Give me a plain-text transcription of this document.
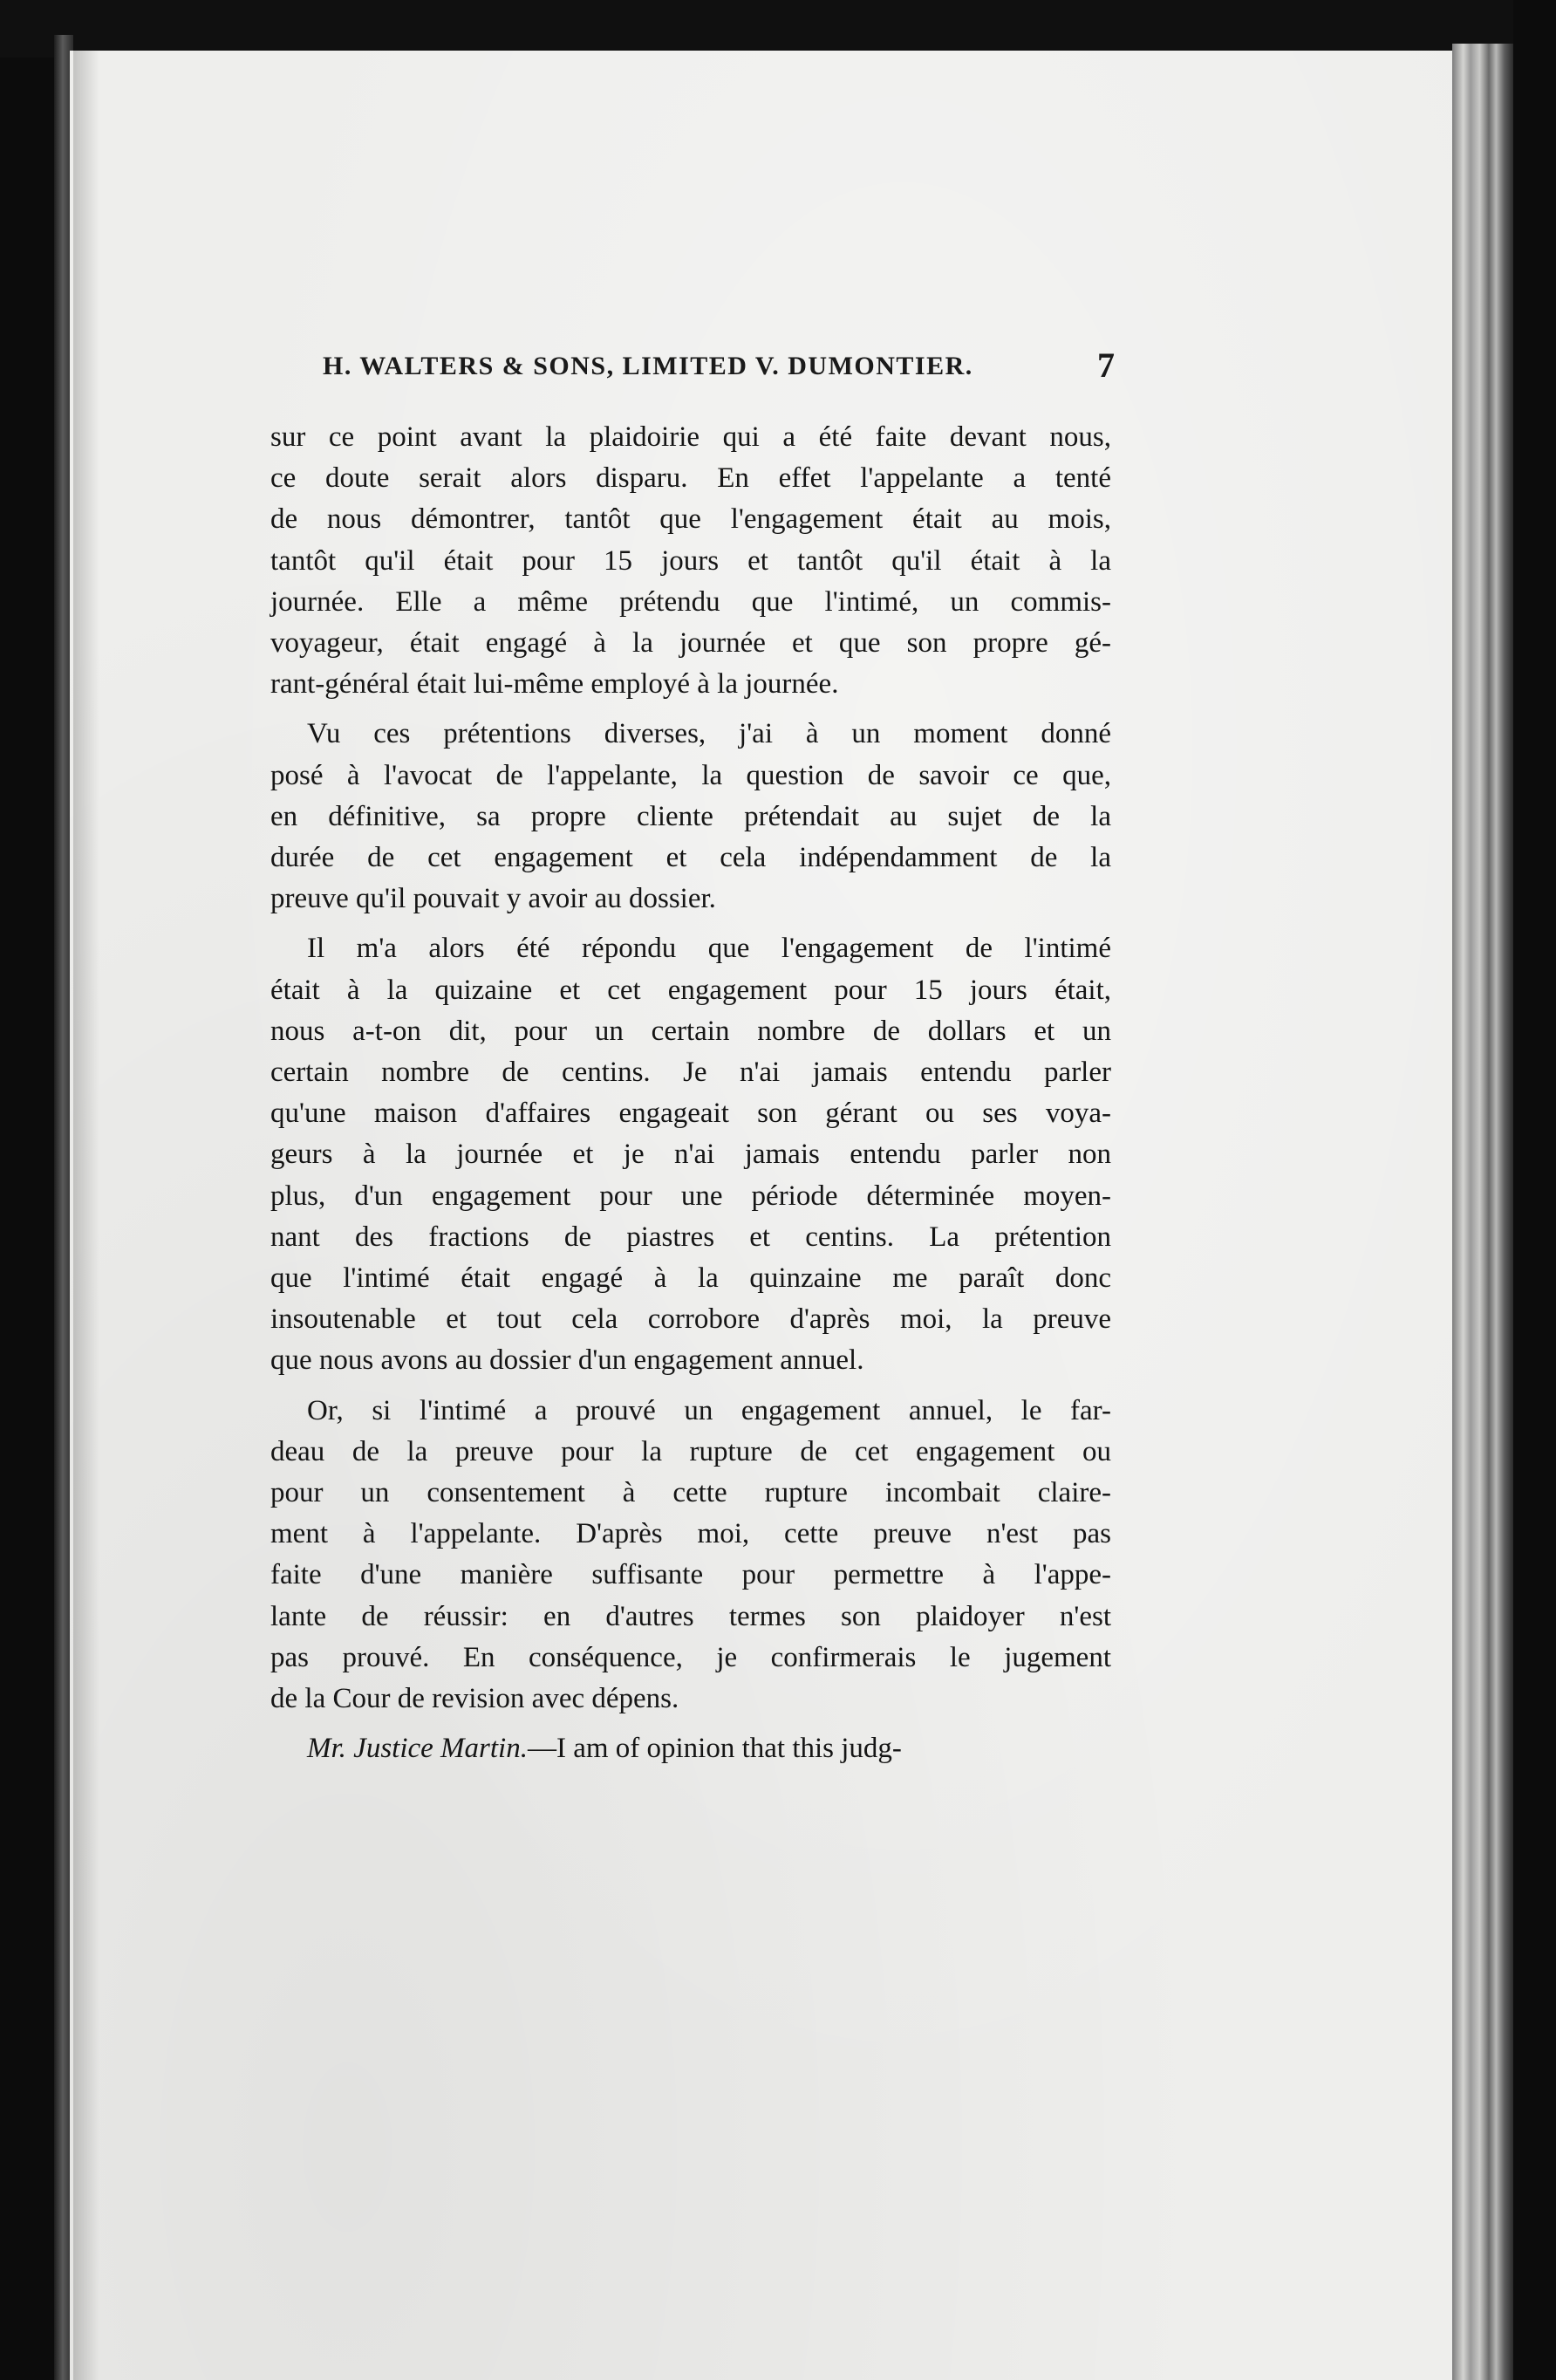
H. WALTERS & SONS, LIMITED V. DUMONTIER.	7
sur ce point avant la plaidoirie qui a été faite devant nous,
ce doute serait alors disparu. En effet l'appelante a tenté
de nous démontrer, tantôt que l'engagement était au mois,
tantôt qu'il était pour 15 jours et tantôt qu'il était à la
journée. Elle a même prétendu que l'intimé, un commis-
voyageur, était engagé à la journée et que son propre gé-
rant-général était lui-même employé à la journée.
Vu ces prétentions diverses, j'ai à un moment donné
posé à l'avocat de l'appelante, la question de savoir ce que,
en définitive, sa propre cliente prétendait au sujet de la
durée de cet engagement et cela indépendamment de la
preuve qu'il pouvait y avoir au dossier.
Il m'a alors été répondu que l'engagement de l'intimé
était à la quizaine et cet engagement pour 15 jours était,
nous a-t-on dit, pour un certain nombre de dollars et un
certain nombre de centins. Je n'ai jamais entendu parler
qu'une maison d'affaires engageait son gérant ou ses voya-
geurs à la journée et je n'ai jamais entendu parler non
plus, d'un engagement pour une période déterminée moyen-
nant des fractions de piastres et centins. La prétention
que l'intimé était engagé à la quinzaine me paraît donc
insoutenable et tout cela corrobore d'après moi, la preuve
que nous avons au dossier d'un engagement annuel.
Or, si l'intimé a prouvé un engagement annuel, le far-
deau de la preuve pour la rupture de cet engagement ou
pour un consentement à cette rupture incombait claire-
ment à l'appelante. D'après moi, cette preuve n'est pas
faite d'une manière suffisante pour permettre à l'appe-
lante de réussir: en d'autres termes son plaidoyer n'est
pas prouvé. En conséquence, je confirmerais le jugement
de la Cour de revision avec dépens.
Mr. Justice Martin.—I am of opinion that this judg-
